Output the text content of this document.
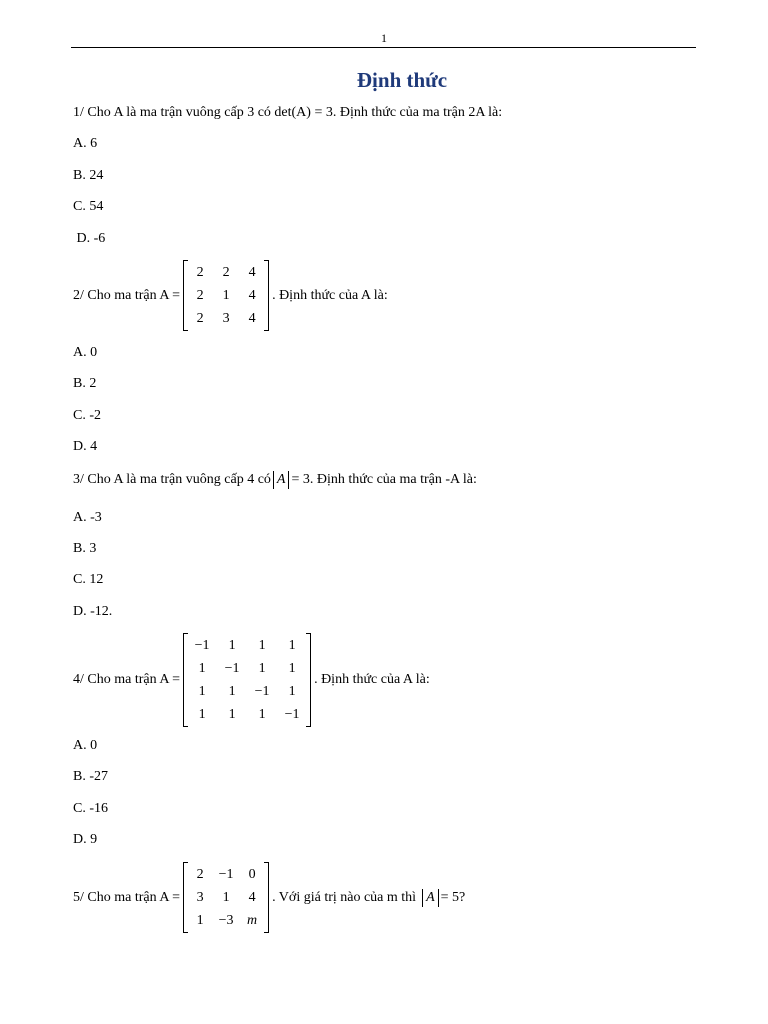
1
Định thức
1/ Cho A là ma trận vuông cấp 3 có det(A) = 3. Định thức của ma trận 2A là:
A. 6
B. 24
C. 54
D. -6
2/ Cho ma trận A =
2	2	4
2	1	4
2	3	4
. Định thức của A là:
A. 0
B. 2
C. -2
D. 4
3/ Cho A là ma trận vuông cấp 4 có A = 3. Định thức của ma trận -A là:
A. -3
B. 3
C. 12
D. -12.
4/ Cho ma trận A =
−1	1	1	1
1	−1	1	1
1	1	−1	1
1	1	1	−1
. Định thức của A là:
A. 0
B. -27
C. -16
D. 9
5/ Cho ma trận A =
2	−1	0
3	1	4
1	−3	m
. Với giá trị nào của m thì A = 5?
